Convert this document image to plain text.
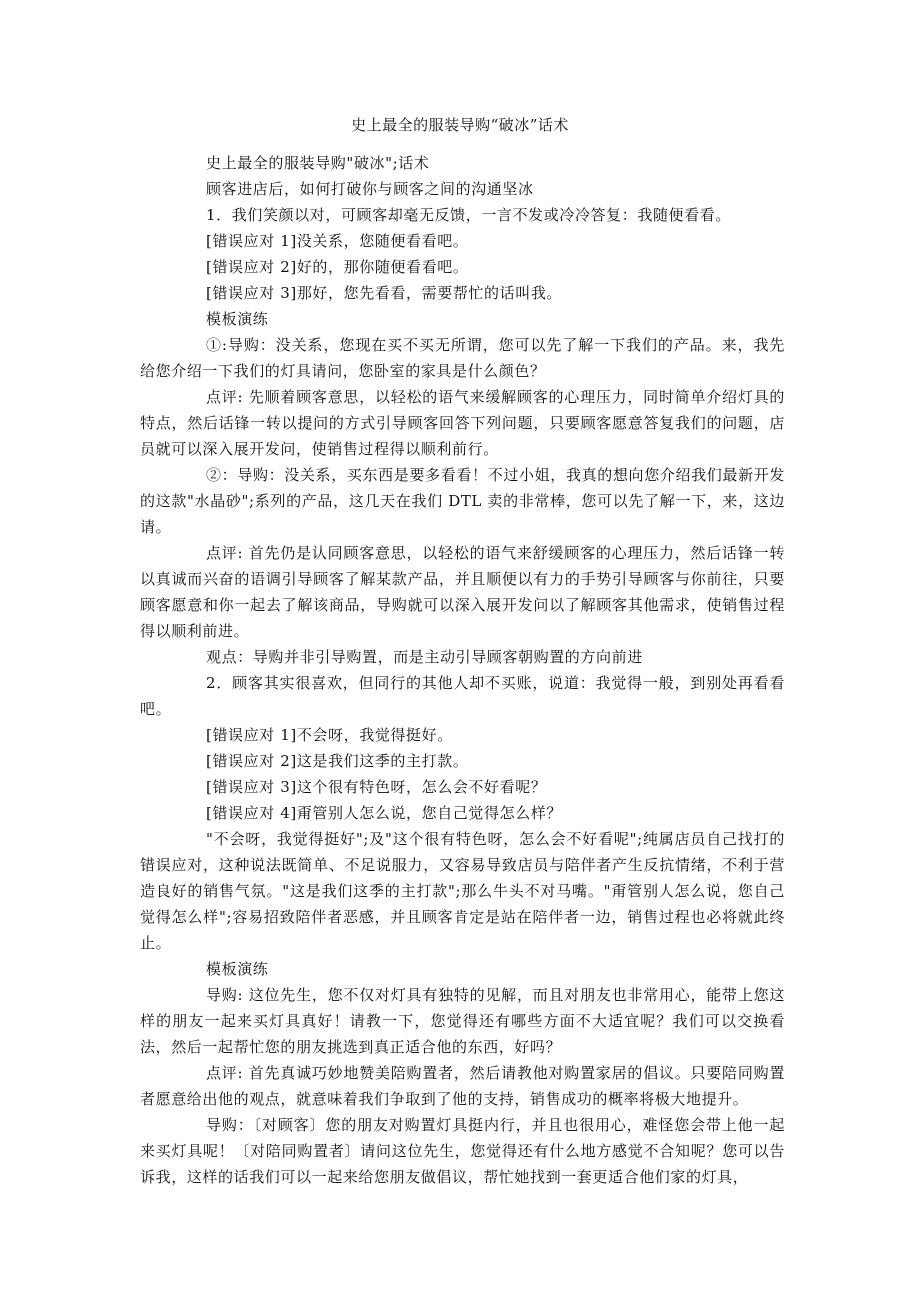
史上最全的服装导购“破冰”话术

史上最全的服装导购"破冰";话术

顾客进店后，如何打破你与顾客之间的沟通坚冰

1．我们笑颜以对，可顾客却毫无反馈，一言不发或冷冷答复：我随便看看。

[错误应对 1]没关系，您随便看看吧。

[错误应对 2]好的，那你随便看看吧。

[错误应对 3]那好，您先看看，需要帮忙的话叫我。

模板演练

①:导购：没关系，您现在买不买无所谓，您可以先了解一下我们的产品。来，我先给您介绍一下我们的灯具请问，您卧室的家具是什么颜色？

点评: 先顺着顾客意思，以轻松的语气来缓解顾客的心理压力，同时简单介绍灯具的特点，然后话锋一转以提问的方式引导顾客回答下列问题，只要顾客愿意答复我们的问题，店员就可以深入展开发问，使销售过程得以顺利前行。

②：导购：没关系，买东西是要多看看！不过小姐，我真的想向您介绍我们最新开发的这款"水晶砂";系列的产品，这几天在我们 DTL 卖的非常棒，您可以先了解一下，来，这边请。

点评: 首先仍是认同顾客意思，以轻松的语气来舒缓顾客的心理压力，然后话锋一转以真诚而兴奋的语调引导顾客了解某款产品，并且顺便以有力的手势引导顾客与你前往，只要顾客愿意和你一起去了解该商品，导购就可以深入展开发问以了解顾客其他需求，使销售过程得以顺利前进。

观点：导购并非引导购置，而是主动引导顾客朝购置的方向前进

2．顾客其实很喜欢，但同行的其他人却不买账，说道：我觉得一般，到别处再看看吧。

[错误应对 1]不会呀，我觉得挺好。

[错误应对 2]这是我们这季的主打款。

[错误应对 3]这个很有特色呀，怎么会不好看呢？

[错误应对 4]甭管别人怎么说，您自己觉得怎么样？

"不会呀，我觉得挺好";及"这个很有特色呀，怎么会不好看呢";纯属店员自己找打的错误应对，这种说法既简单、不足说服力，又容易导致店员与陪伴者产生反抗情绪，不利于营造良好的销售气氛。"这是我们这季的主打款";那么牛头不对马嘴。"甭管别人怎么说，您自己觉得怎么样";容易招致陪伴者恶感，并且顾客肯定是站在陪伴者一边，销售过程也必将就此终止。

模板演练

导购: 这位先生，您不仅对灯具有独特的见解，而且对朋友也非常用心，能带上您这样的朋友一起来买灯具真好！请教一下，您觉得还有哪些方面不大适宜呢？我们可以交换看法，然后一起帮忙您的朋友挑选到真正适合他的东西，好吗？

点评: 首先真诚巧妙地赞美陪购置者，然后请教他对购置家居的倡议。只要陪同购置者愿意给出他的观点，就意味着我们争取到了他的支持，销售成功的概率将极大地提升。

导购：〔对顾客〕您的朋友对购置灯具挺内行，并且也很用心，难怪您会带上他一起来买灯具呢！〔对陪同购置者〕请问这位先生，您觉得还有什么地方感觉不合知呢？您可以告诉我，这样的话我们可以一起来给您朋友做倡议，帮忙她找到一套更适合他们家的灯具，
